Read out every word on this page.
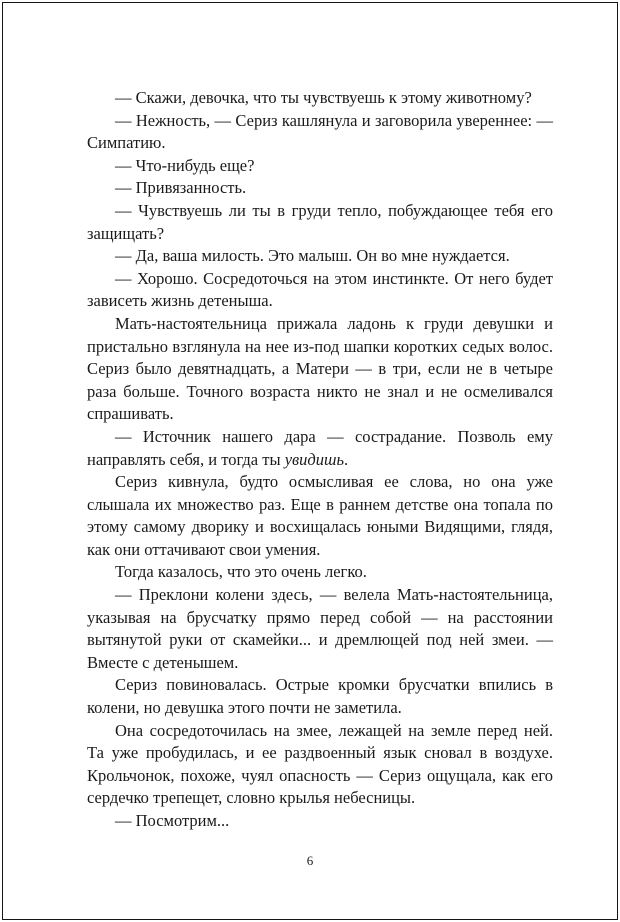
— Скажи, девочка, что ты чувствуешь к этому животному?

— Нежность, — Сериз кашлянула и заговорила увереннее: — Симпатию.

— Что-нибудь еще?

— Привязанность.

— Чувствуешь ли ты в груди тепло, побуждающее тебя его защищать?

— Да, ваша милость. Это малыш. Он во мне нуждается.

— Хорошо. Сосредоточься на этом инстинкте. От него будет зависеть жизнь детеныша.

Мать-настоятельница прижала ладонь к груди девушки и пристально взглянула на нее из-под шапки коротких седых волос. Сериз было девятнадцать, а Матери — в три, если не в четыре раза больше. Точного возраста никто не знал и не осмеливался спрашивать.

— Источник нашего дара — сострадание. Позволь ему направлять себя, и тогда ты увидишь.

Сериз кивнула, будто осмысливая ее слова, но она уже слышала их множество раз. Еще в раннем детстве она топала по этому самому дворику и восхищалась юными Видящими, глядя, как они оттачивают свои умения.

Тогда казалось, что это очень легко.

— Преклони колени здесь, — велела Мать-настоятельница, указывая на брусчатку прямо перед собой — на расстоянии вытянутой руки от скамейки... и дремлющей под ней змеи. — Вместе с детенышем.

Сериз повиновалась. Острые кромки брусчатки впились в колени, но девушка этого почти не заметила.

Она сосредоточилась на змее, лежащей на земле перед ней. Та уже пробудилась, и ее раздвоенный язык сновал в воздухе. Крольчонок, похоже, чуял опасность — Сериз ощущала, как его сердечко трепещет, словно крылья небесницы.

— Посмотрим...

6
